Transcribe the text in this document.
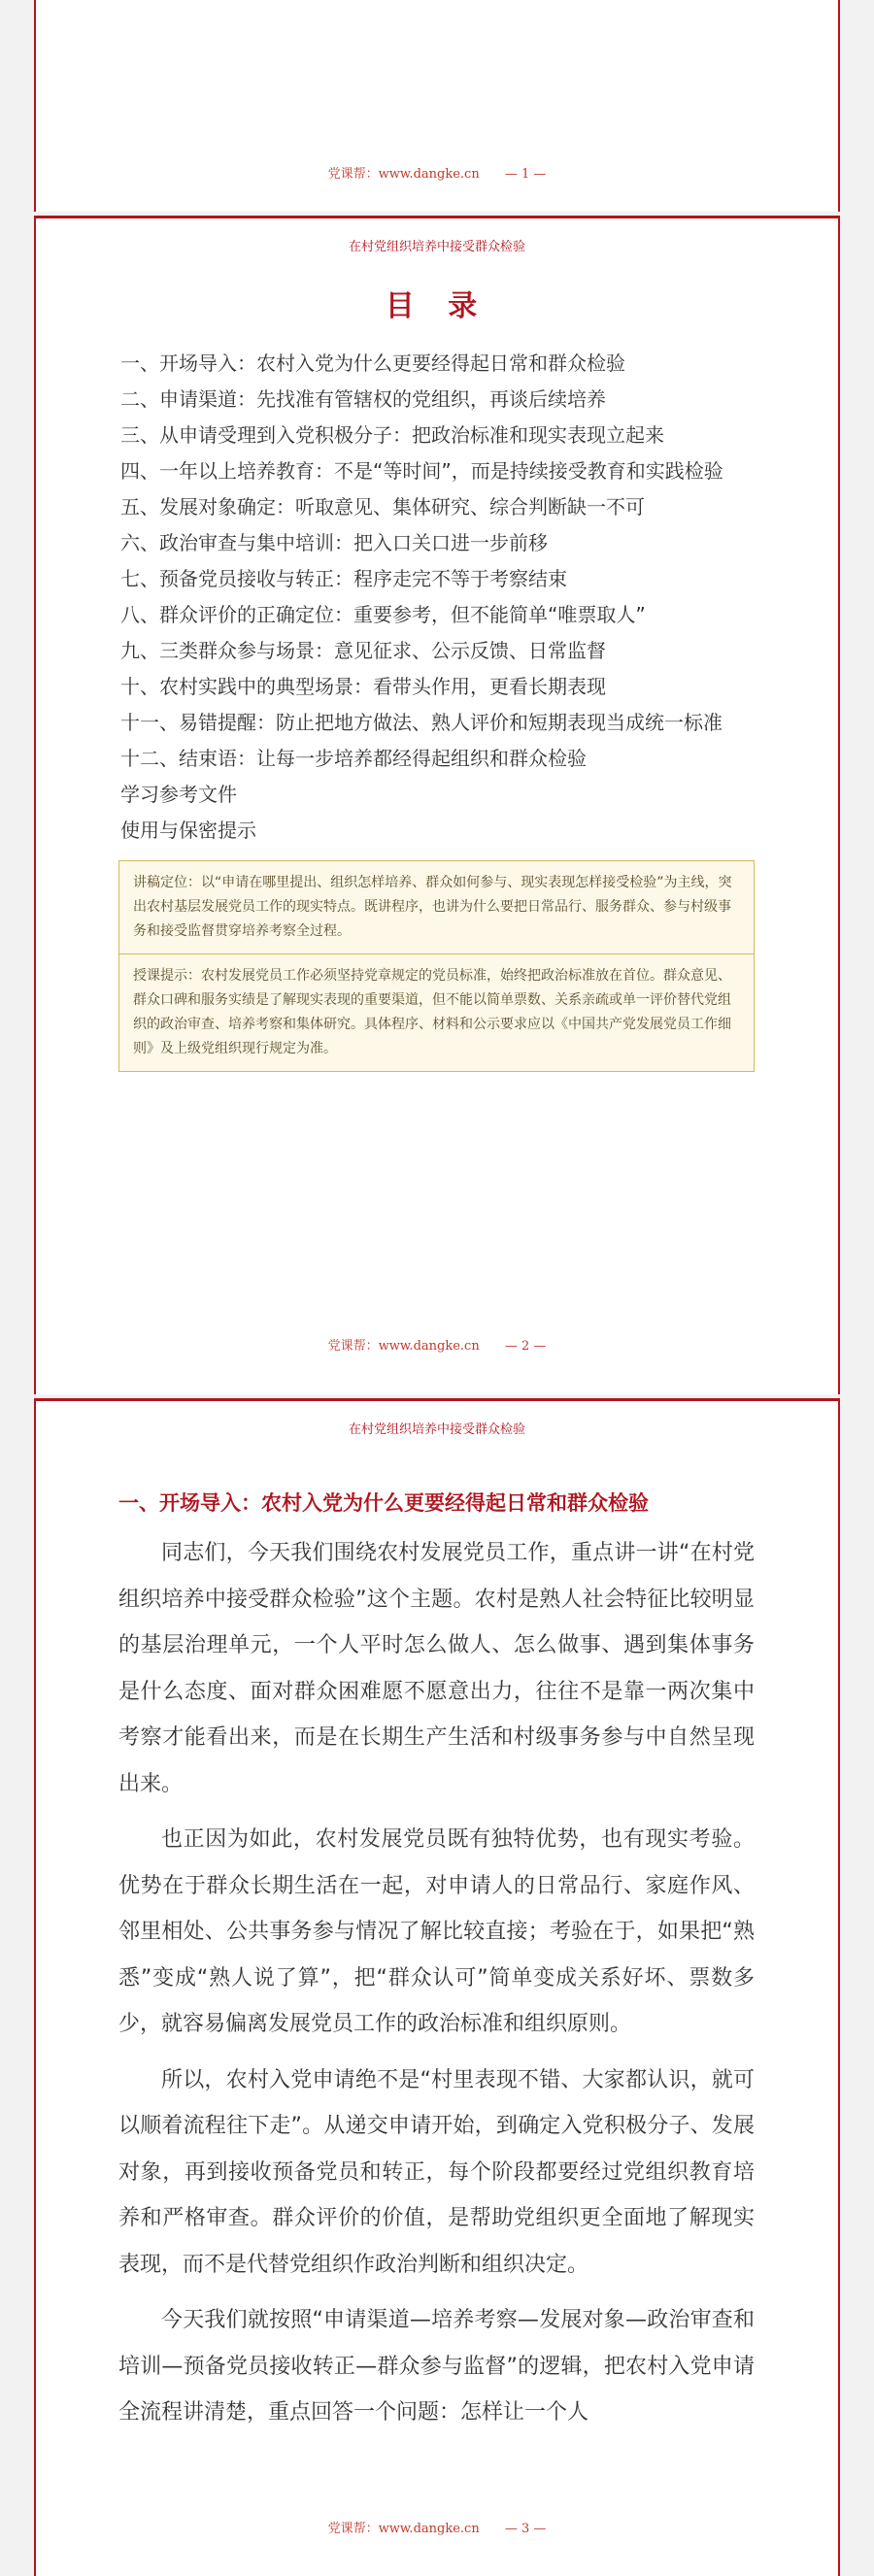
党课帮：www.dangke.cn — 1 —
在村党组织培养中接受群众检验
目 录
一、开场导入：农村入党为什么更要经得起日常和群众检验
二、申请渠道：先找准有管辖权的党组织，再谈后续培养
三、从申请受理到入党积极分子：把政治标准和现实表现立起来
四、一年以上培养教育：不是“等时间”，而是持续接受教育和实践检验
五、发展对象确定：听取意见、集体研究、综合判断缺一不可
六、政治审查与集中培训：把入口关口进一步前移
七、预备党员接收与转正：程序走完不等于考察结束
八、群众评价的正确定位：重要参考，但不能简单“唯票取人”
九、三类群众参与场景：意见征求、公示反馈、日常监督
十、农村实践中的典型场景：看带头作用，更看长期表现
十一、易错提醒：防止把地方做法、熟人评价和短期表现当成统一标准
十二、结束语：让每一步培养都经得起组织和群众检验
学习参考文件
使用与保密提示

讲稿定位：以“申请在哪里提出、组织怎样培养、群众如何参与、现实表现怎样接受检验”为主线，突出农村基层发展党员工作的现实特点。既讲程序，也讲为什么要把日常品行、服务群众、参与村级事务和接受监督贯穿培养考察全过程。

授课提示：农村发展党员工作必须坚持党章规定的党员标准，始终把政治标准放在首位。群众意见、群众口碑和服务实绩是了解现实表现的重要渠道，但不能以简单票数、关系亲疏或单一评价替代党组织的政治审查、培养考察和集体研究。具体程序、材料和公示要求应以《中国共产党发展党员工作细则》及上级党组织现行规定为准。

党课帮：www.dangke.cn — 2 —
在村党组织培养中接受群众检验
一、开场导入：农村入党为什么更要经得起日常和群众检验

同志们，今天我们围绕农村发展党员工作，重点讲一讲“在村党组织培养中接受群众检验”这个主题。农村是熟人社会特征比较明显的基层治理单元，一个人平时怎么做人、怎么做事、遇到集体事务是什么态度、面对群众困难愿不愿意出力，往往不是靠一两次集中考察才能看出来，而是在长期生产生活和村级事务参与中自然呈现出来。

也正因为如此，农村发展党员既有独特优势，也有现实考验。优势在于群众长期生活在一起，对申请人的日常品行、家庭作风、邻里相处、公共事务参与情况了解比较直接；考验在于，如果把“熟悉”变成“熟人说了算”，把“群众认可”简单变成关系好坏、票数多少，就容易偏离发展党员工作的政治标准和组织原则。

所以，农村入党申请绝不是“村里表现不错、大家都认识，就可以顺着流程往下走”。从递交申请开始，到确定入党积极分子、发展对象，再到接收预备党员和转正，每个阶段都要经过党组织教育培养和严格审查。群众评价的价值，是帮助党组织更全面地了解现实表现，而不是代替党组织作政治判断和组织决定。

今天我们就按照“申请渠道—培养考察—发展对象—政治审查和培训—预备党员接收转正—群众参与监督”的逻辑，把农村入党申请全流程讲清楚，重点回答一个问题：怎样让一个人

党课帮：www.dangke.cn — 3 —
